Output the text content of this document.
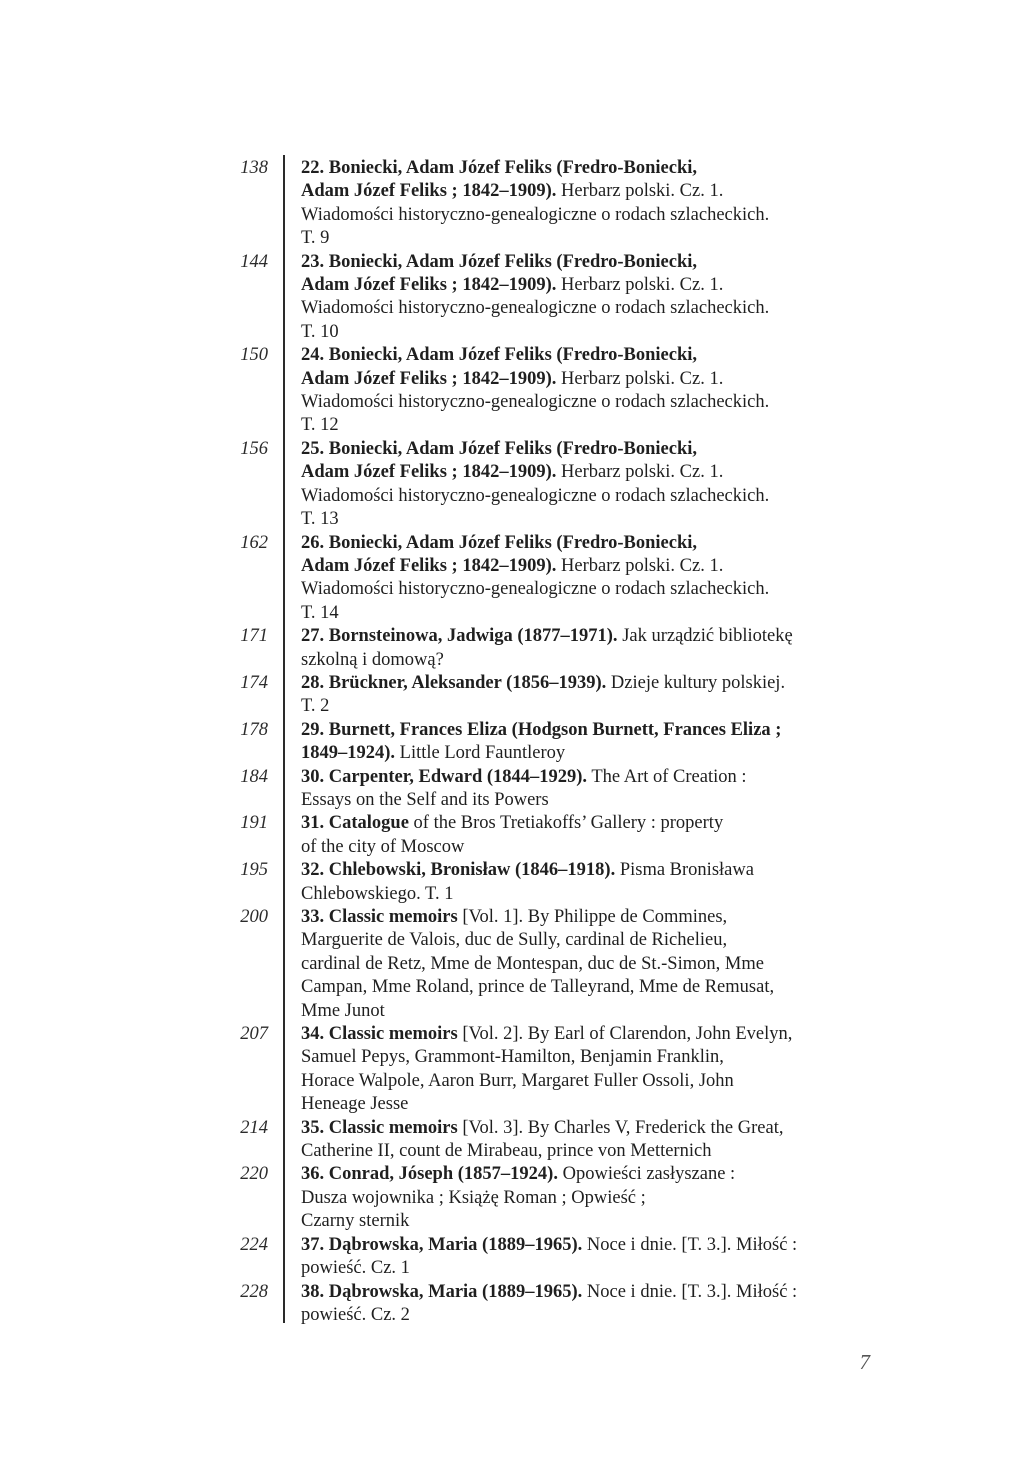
138 22. Boniecki, Adam Józef Feliks (Fredro-Boniecki,
Adam Józef Feliks ; 1842–1909). Herbarz polski. Cz. 1.
Wiadomości historyczno-genealogiczne o rodach szlacheckich.
T. 9
144 23. Boniecki, Adam Józef Feliks (Fredro-Boniecki,
Adam Józef Feliks ; 1842–1909). Herbarz polski. Cz. 1.
Wiadomości historyczno-genealogiczne o rodach szlacheckich.
T. 10
150 24. Boniecki, Adam Józef Feliks (Fredro-Boniecki,
Adam Józef Feliks ; 1842–1909). Herbarz polski. Cz. 1.
Wiadomości historyczno-genealogiczne o rodach szlacheckich.
T. 12
156 25. Boniecki, Adam Józef Feliks (Fredro-Boniecki,
Adam Józef Feliks ; 1842–1909). Herbarz polski. Cz. 1.
Wiadomości historyczno-genealogiczne o rodach szlacheckich.
T. 13
162 26. Boniecki, Adam Józef Feliks (Fredro-Boniecki,
Adam Józef Feliks ; 1842–1909). Herbarz polski. Cz. 1.
Wiadomości historyczno-genealogiczne o rodach szlacheckich.
T. 14
171 27. Bornsteinowa, Jadwiga (1877–1971). Jak urządzić bibliotekę
szkolną i domową?
174 28. Brückner, Aleksander (1856–1939). Dzieje kultury polskiej.
T. 2
178 29. Burnett, Frances Eliza (Hodgson Burnett, Frances Eliza ;
1849–1924). Little Lord Fauntleroy
184 30. Carpenter, Edward (1844–1929). The Art of Creation :
Essays on the Self and its Powers
191 31. Catalogue of the Bros Tretiakoffs’ Gallery : property
of the city of Moscow
195 32. Chlebowski, Bronisław (1846–1918). Pisma Bronisława
Chlebowskiego. T. 1
200 33. Classic memoirs [Vol. 1]. By Philippe de Commines,
Marguerite de Valois, duc de Sully, cardinal de Richelieu,
cardinal de Retz, Mme de Montespan, duc de St.-Simon, Mme
Campan, Mme Roland, prince de Talleyrand, Mme de Remusat,
Mme Junot
207 34. Classic memoirs [Vol. 2]. By Earl of Clarendon, John Evelyn,
Samuel Pepys, Grammont-Hamilton, Benjamin Franklin,
Horace Walpole, Aaron Burr, Margaret Fuller Ossoli, John
Heneage Jesse
214 35. Classic memoirs [Vol. 3]. By Charles V, Frederick the Great,
Catherine II, count de Mirabeau, prince von Metternich
220 36. Conrad, Jóseph (1857–1924). Opowieści zasłyszane :
Dusza wojownika ; Książę Roman ; Opwieść ;
Czarny sternik
224 37. Dąbrowska, Maria (1889–1965). Noce i dnie. [T. 3.]. Miłość :
powieść. Cz. 1
228 38. Dąbrowska, Maria (1889–1965). Noce i dnie. [T. 3.]. Miłość :
powieść. Cz. 2
7
